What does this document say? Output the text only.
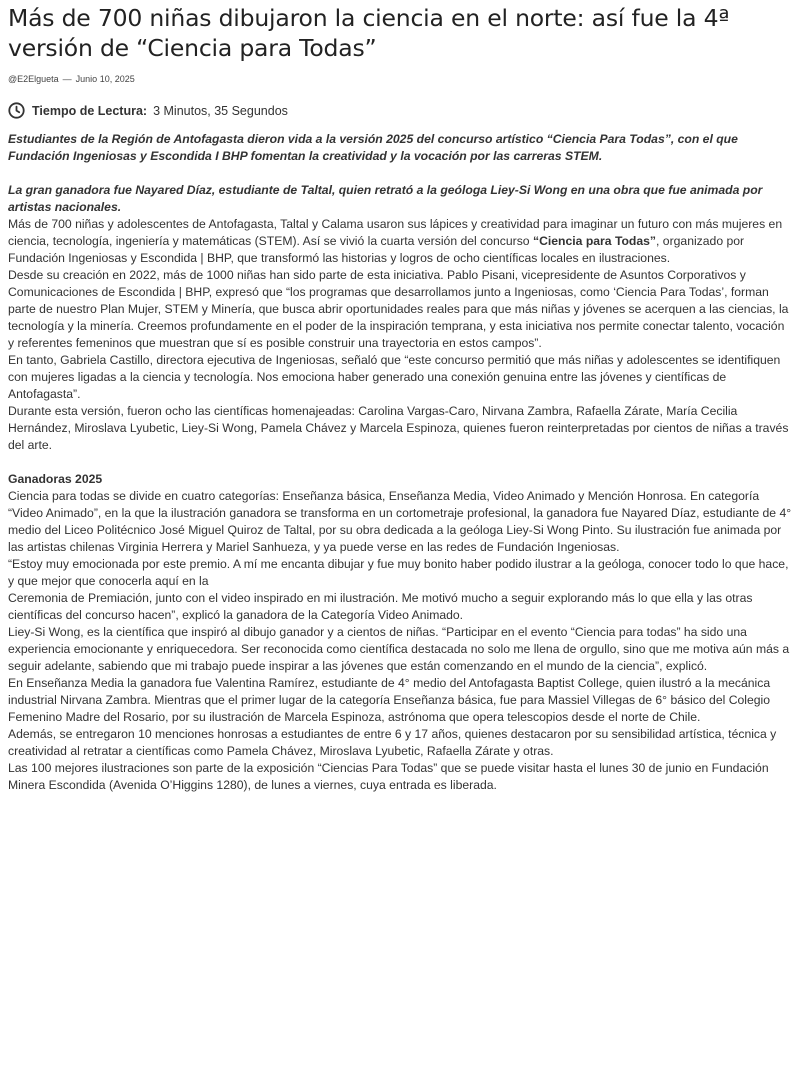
Más de 700 niñas dibujaron la ciencia en el norte: así fue la 4ª versión de “Ciencia para Todas”
@E2Elgueta — Junio 10, 2025
Tiempo de Lectura: 3 Minutos, 35 Segundos

Estudiantes de la Región de Antofagasta dieron vida a la versión 2025 del concurso artístico “Ciencia Para Todas”, con el que Fundación Ingeniosas y Escondida I BHP fomentan la creatividad y la vocación por las carreras STEM.

La gran ganadora fue Nayared Díaz, estudiante de Taltal, quien retrató a la geóloga Liey-Si Wong en una obra que fue animada por artistas nacionales.

Más de 700 niñas y adolescentes de Antofagasta, Taltal y Calama usaron sus lápices y creatividad para imaginar un futuro con más mujeres en ciencia, tecnología, ingeniería y matemáticas (STEM). Así se vivió la cuarta versión del concurso “Ciencia para Todas”, organizado por Fundación Ingeniosas y Escondida | BHP, que transformó las historias y logros de ocho científicas locales en ilustraciones.

Desde su creación en 2022, más de 1000 niñas han sido parte de esta iniciativa. Pablo Pisani, vicepresidente de Asuntos Corporativos y Comunicaciones de Escondida | BHP, expresó que “los programas que desarrollamos junto a Ingeniosas, como ‘Ciencia Para Todas’, forman parte de nuestro Plan Mujer, STEM y Minería, que busca abrir oportunidades reales para que más niñas y jóvenes se acerquen a las ciencias, la tecnología y la minería. Creemos profundamente en el poder de la inspiración temprana, y esta iniciativa nos permite conectar talento, vocación y referentes femeninos que muestran que sí es posible construir una trayectoria en estos campos”.

En tanto, Gabriela Castillo, directora ejecutiva de Ingeniosas, señaló que “este concurso permitió que más niñas y adolescentes se identifiquen con mujeres ligadas a la ciencia y tecnología. Nos emociona haber generado una conexión genuina entre las jóvenes y científicas de Antofagasta”.

Durante esta versión, fueron ocho las científicas homenajeadas: Carolina Vargas-Caro, Nirvana Zambra, Rafaella Zárate, María Cecilia Hernández, Miroslava Lyubetic, Liey-Si Wong, Pamela Chávez y Marcela Espinoza, quienes fueron reinterpretadas por cientos de niñas a través del arte.

Ganadoras 2025

Ciencia para todas se divide en cuatro categorías: Enseñanza básica, Enseñanza Media, Video Animado y Mención Honrosa. En categoría “Video Animado”, en la que la ilustración ganadora se transforma en un cortometraje profesional, la ganadora fue Nayared Díaz, estudiante de 4° medio del Liceo Politécnico José Miguel Quiroz de Taltal, por su obra dedicada a la geóloga Liey-Si Wong Pinto. Su ilustración fue animada por las artistas chilenas Virginia Herrera y Mariel Sanhueza, y ya puede verse en las redes de Fundación Ingeniosas.

“Estoy muy emocionada por este premio. A mí me encanta dibujar y fue muy bonito haber podido ilustrar a la geóloga, conocer todo lo que hace, y que mejor que conocerla aquí en la

Ceremonia de Premiación, junto con el video inspirado en mi ilustración. Me motivó mucho a seguir explorando más lo que ella y las otras científicas del concurso hacen”, explicó la ganadora de la Categoría Video Animado.

Liey-Si Wong, es la científica que inspiró al dibujo ganador y a cientos de niñas. “Participar en el evento “Ciencia para todas” ha sido una experiencia emocionante y enriquecedora. Ser reconocida como científica destacada no solo me llena de orgullo, sino que me motiva aún más a seguir adelante, sabiendo que mi trabajo puede inspirar a las jóvenes que están comenzando en el mundo de la ciencia”, explicó.

En Enseñanza Media la ganadora fue Valentina Ramírez, estudiante de 4° medio del Antofagasta Baptist College, quien ilustró a la mecánica industrial Nirvana Zambra. Mientras que el primer lugar de la categoría Enseñanza básica, fue para Massiel Villegas de 6° básico del Colegio Femenino Madre del Rosario, por su ilustración de Marcela Espinoza, astrónoma que opera telescopios desde el norte de Chile.

Además, se entregaron 10 menciones honrosas a estudiantes de entre 6 y 17 años, quienes destacaron por su sensibilidad artística, técnica y creatividad al retratar a científicas como Pamela Chávez, Miroslava Lyubetic, Rafaella Zárate y otras.

Las 100 mejores ilustraciones son parte de la exposición “Ciencias Para Todas” que se puede visitar hasta el lunes 30 de junio en Fundación Minera Escondida (Avenida O’Higgins 1280), de lunes a viernes, cuya entrada es liberada.
